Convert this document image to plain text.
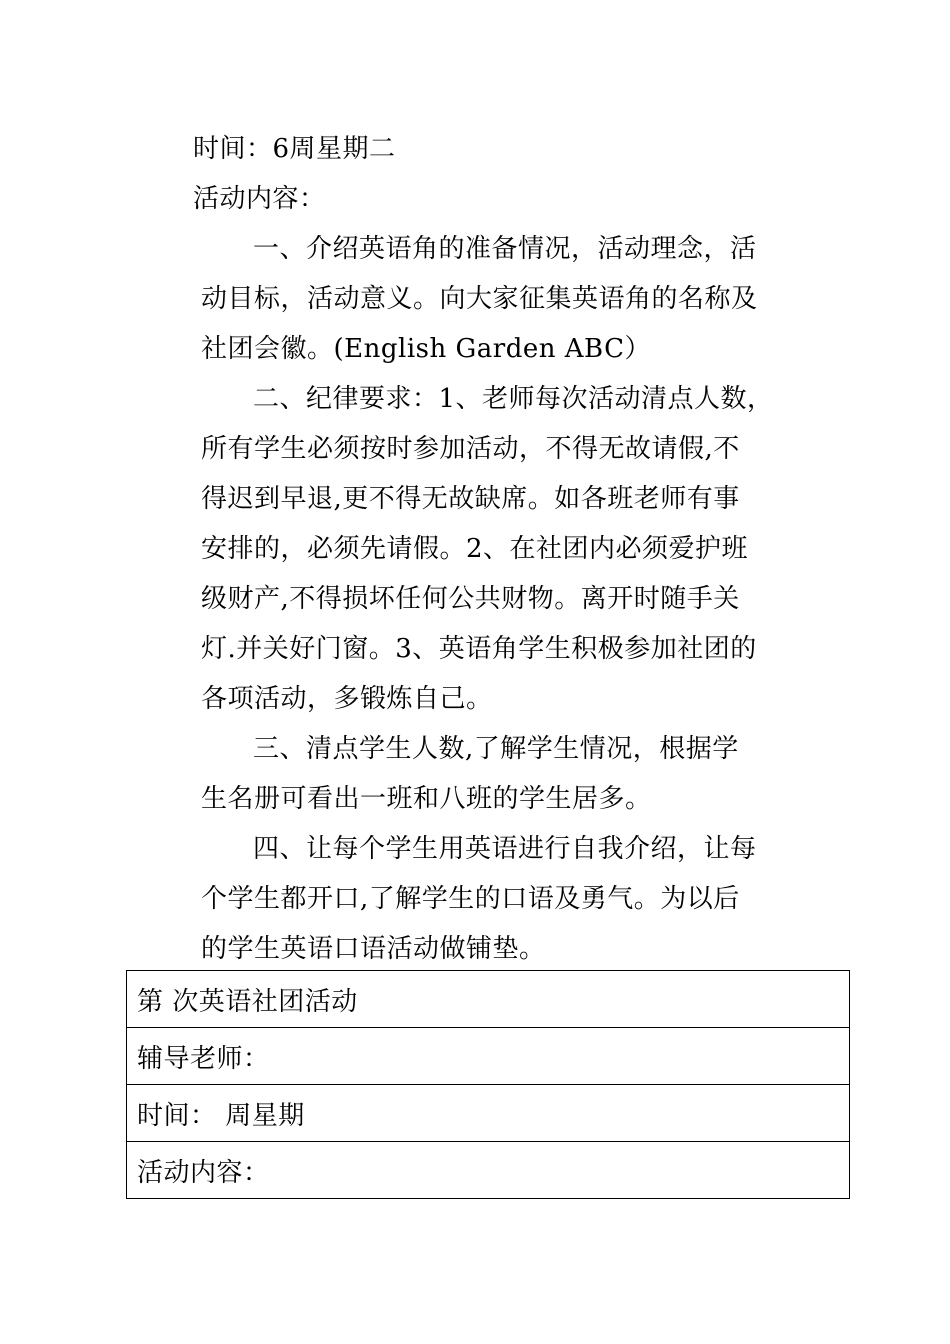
时间：6周星期二
活动内容：
一、介绍英语角的准备情况，活动理念，活
动目标，活动意义。向大家征集英语角的名称及
社团会徽。(English Garden ABC）
二、纪律要求：1、老师每次活动清点人数，
所有学生必须按时参加活动，不得无故请假,不
得迟到早退,更不得无故缺席。如各班老师有事
安排的，必须先请假。2、在社团内必须爱护班
级财产,不得损坏任何公共财物。离开时随手关
灯.并关好门窗。3、英语角学生积极参加社团的
各项活动，多锻炼自己。
三、清点学生人数,了解学生情况，根据学
生名册可看出一班和八班的学生居多。
四、让每个学生用英语进行自我介绍，让每
个学生都开口,了解学生的口语及勇气。为以后
的学生英语口语活动做铺垫。
第 次英语社团活动
辅导老师：
时间： 周星期
活动内容：
